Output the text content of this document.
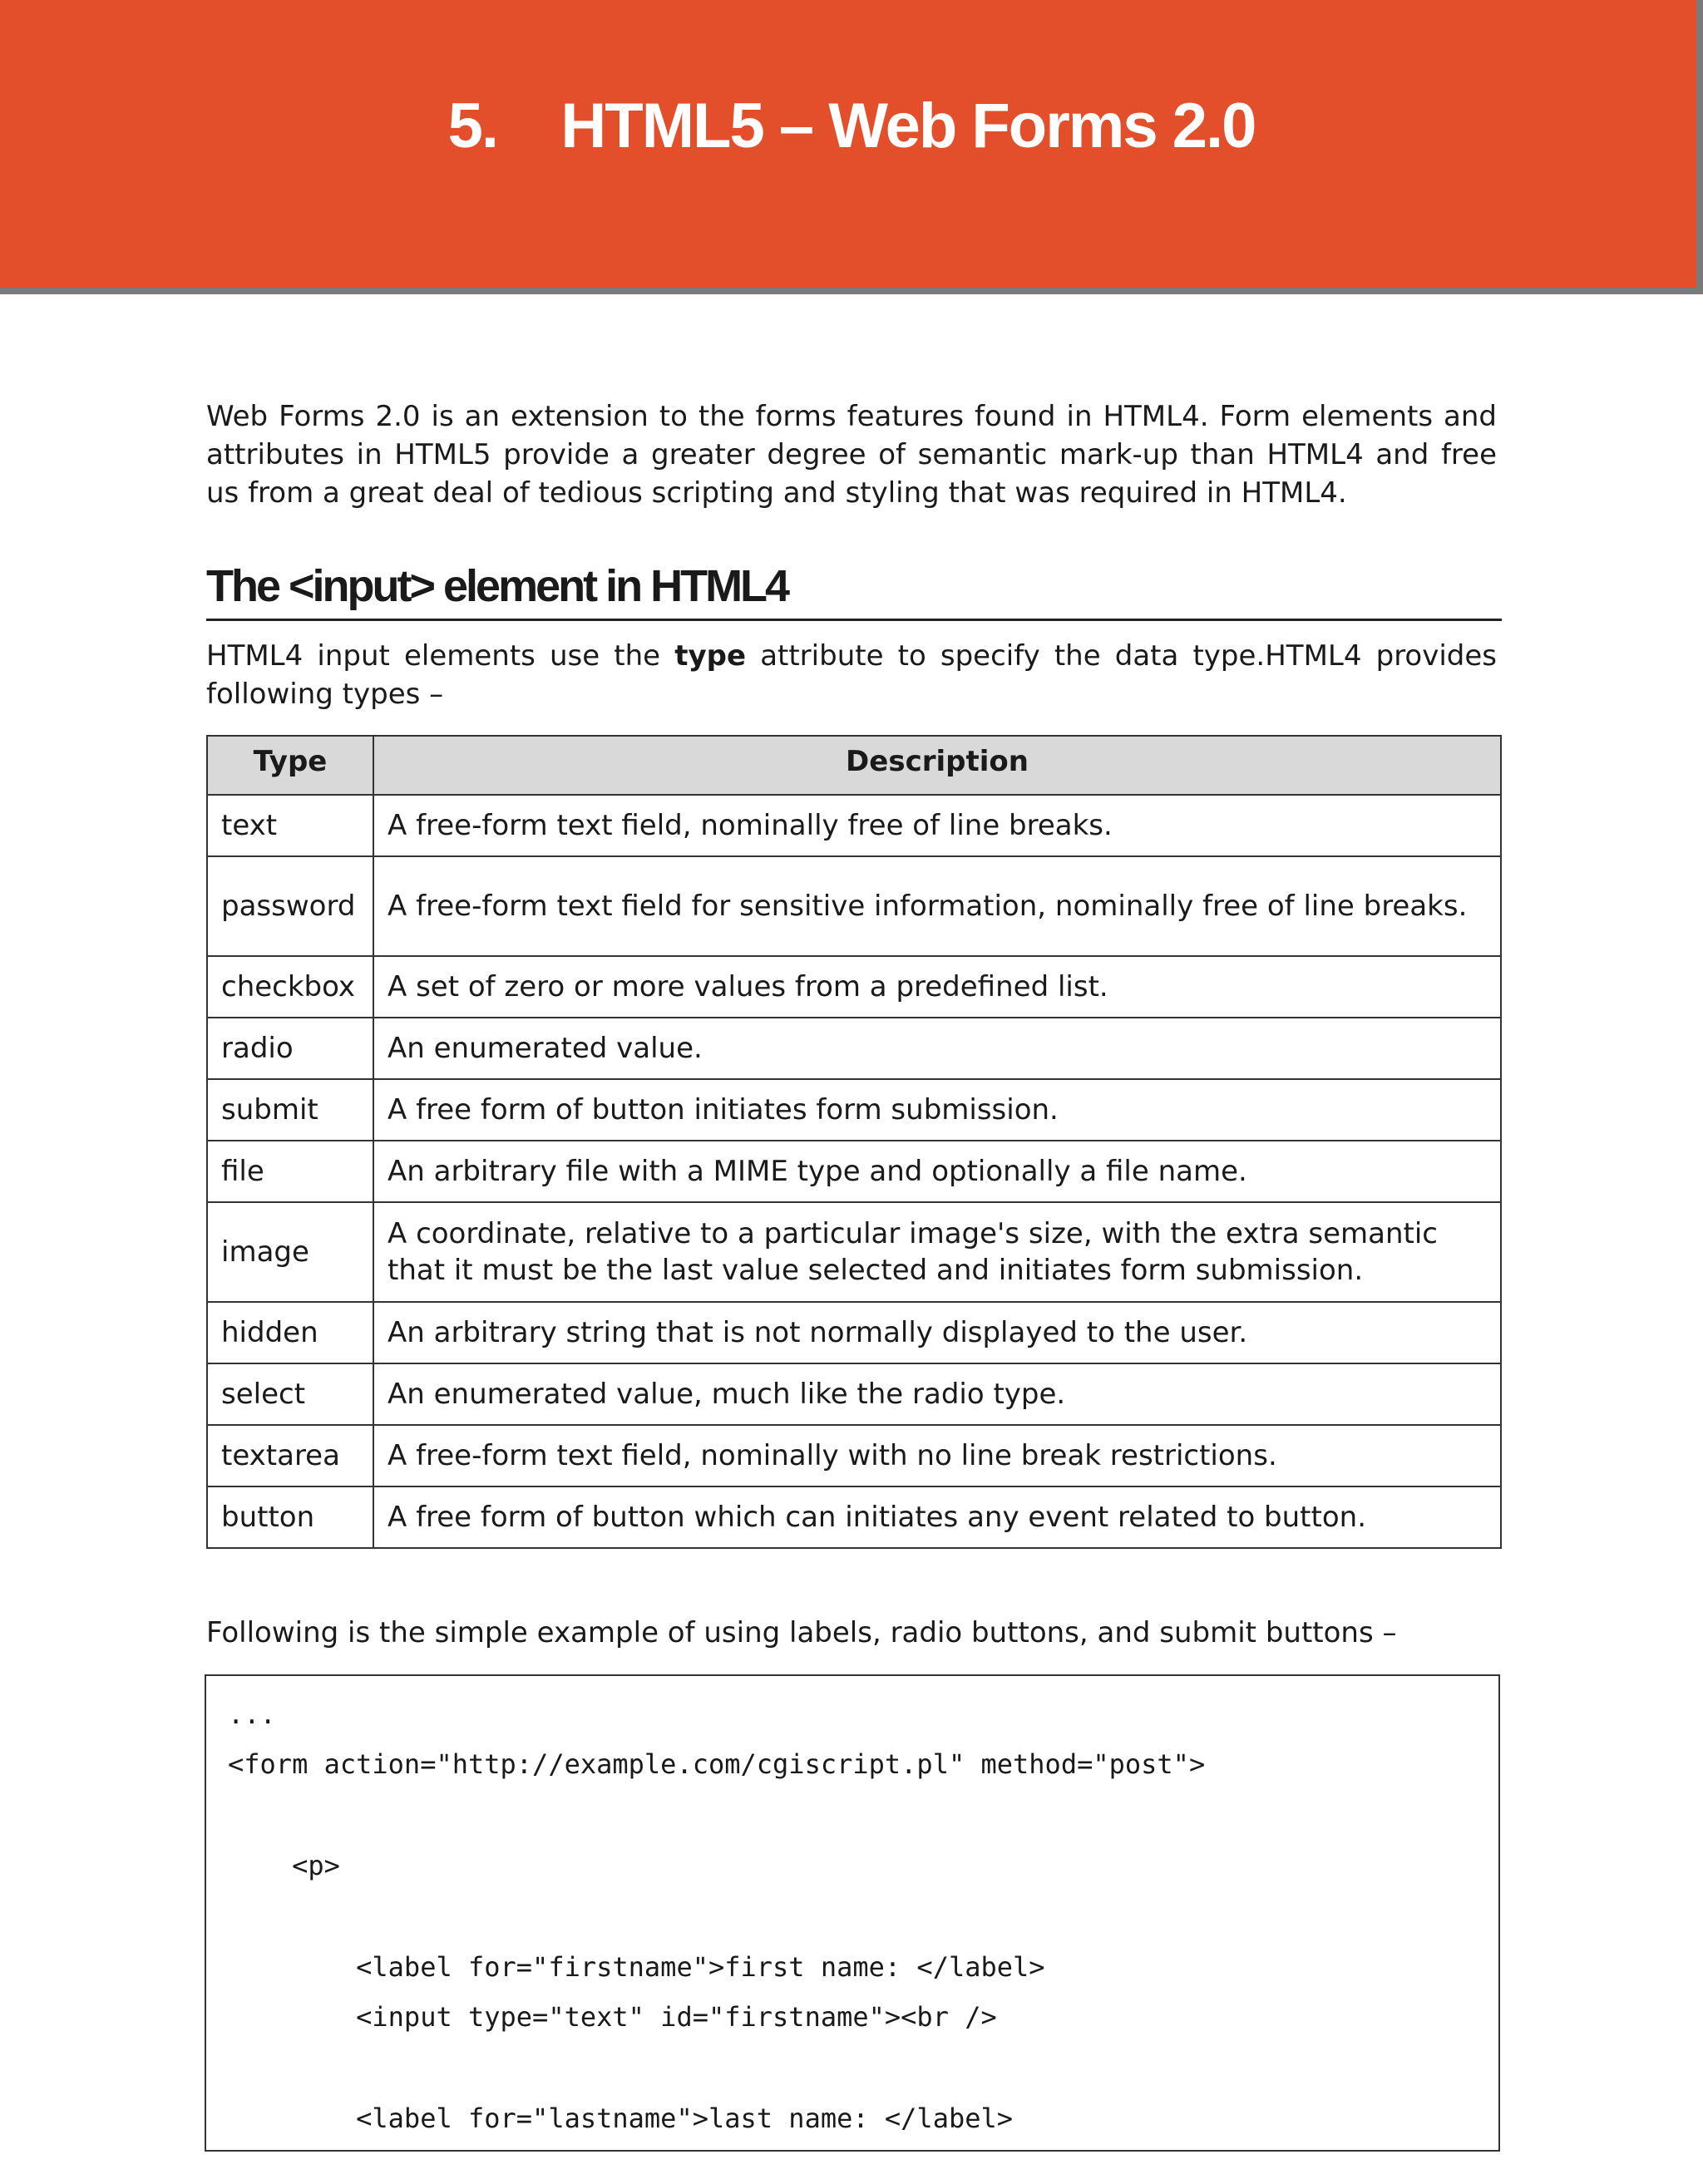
5.    HTML5 – Web Forms 2.0

Web Forms 2.0 is an extension to the forms features found in HTML4. Form elements and attributes in HTML5 provide a greater degree of semantic mark-up than HTML4 and free us from a great deal of tedious scripting and styling that was required in HTML4.

The <input> element in HTML4

HTML4 input elements use the type attribute to specify the data type.HTML4 provides following types –

Type	Description
text	A free-form text field, nominally free of line breaks.
password	A free-form text field for sensitive information, nominally free of line breaks.
checkbox	A set of zero or more values from a predefined list.
radio	An enumerated value.
submit	A free form of button initiates form submission.
file	An arbitrary file with a MIME type and optionally a file name.
image	A coordinate, relative to a particular image's size, with the extra semantic that it must be the last value selected and initiates form submission.
hidden	An arbitrary string that is not normally displayed to the user.
select	An enumerated value, much like the radio type.
textarea	A free-form text field, nominally with no line break restrictions.
button	A free form of button which can initiates any event related to button.

Following is the simple example of using labels, radio buttons, and submit buttons –

...
<form action="http://example.com/cgiscript.pl" method="post">
<p>
<label for="firstname">first name: </label>
<input type="text" id="firstname"><br />
<label for="lastname">last name: </label>
